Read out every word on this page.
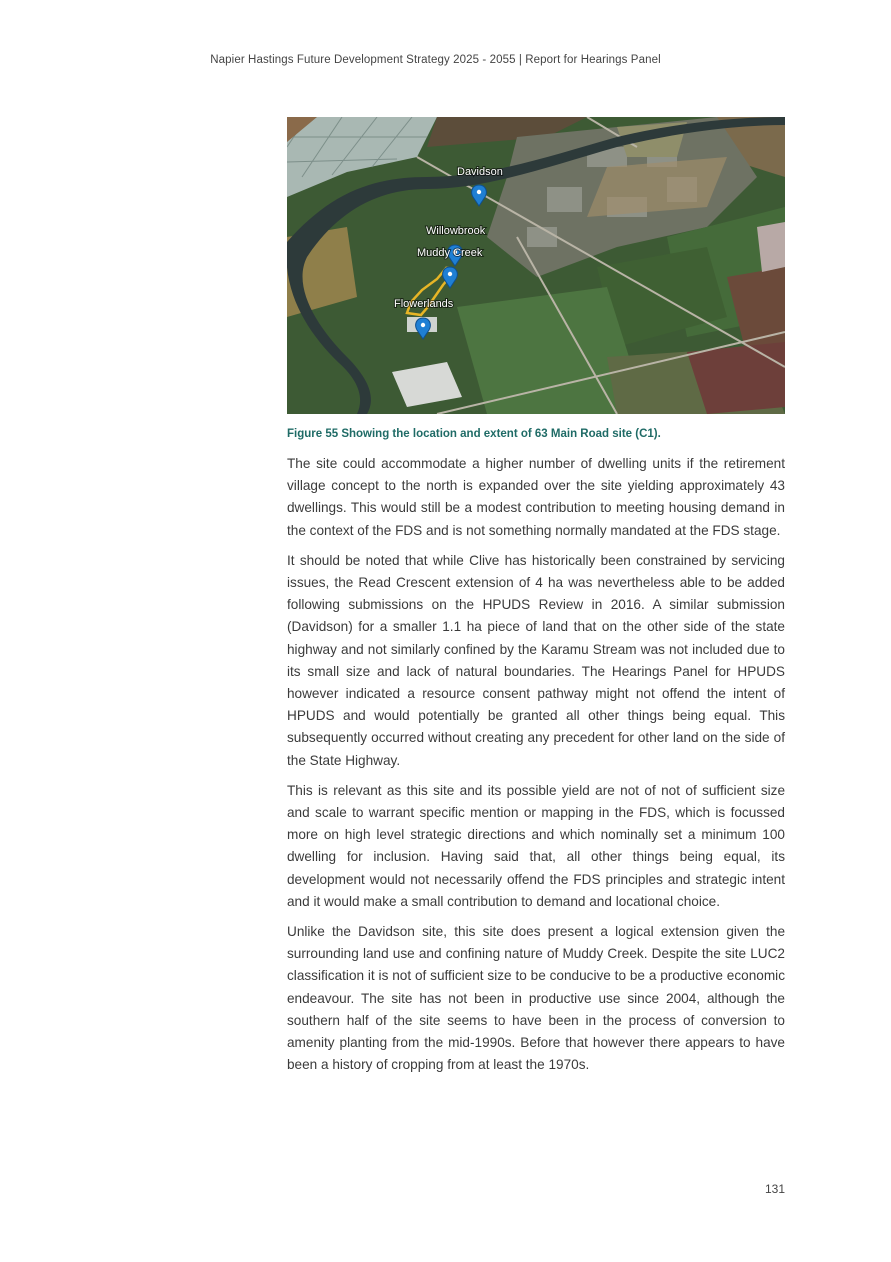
Napier Hastings Future Development Strategy 2025 - 2055 | Report for Hearings Panel
Davidson
Willowbrook
Muddy Creek
Flowerlands
Figure 55 Showing the location and extent of 63 Main Road site (C1).

The site could accommodate a higher number of dwelling units if the retirement village concept to the north is expanded over the site yielding approximately 43 dwellings. This would still be a modest contribution to meeting housing demand in the context of the FDS and is not something normally mandated at the FDS stage.

It should be noted that while Clive has historically been constrained by servicing issues, the Read Crescent extension of 4 ha was nevertheless able to be added following submissions on the HPUDS Review in 2016. A similar submission (Davidson) for a smaller 1.1 ha piece of land that on the other side of the state highway and not similarly confined by the Karamu Stream was not included due to its small size and lack of natural boundaries. The Hearings Panel for HPUDS however indicated a resource consent pathway might not offend the intent of HPUDS and would potentially be granted all other things being equal. This subsequently occurred without creating any precedent for other land on the side of the State Highway.

This is relevant as this site and its possible yield are not of not of sufficient size and scale to warrant specific mention or mapping in the FDS, which is focussed more on high level strategic directions and which nominally set a minimum 100 dwelling for inclusion. Having said that, all other things being equal, its development would not necessarily offend the FDS principles and strategic intent and it would make a small contribution to demand and locational choice.

Unlike the Davidson site, this site does present a logical extension given the surrounding land use and confining nature of Muddy Creek. Despite the site LUC2 classification it is not of sufficient size to be conducive to be a productive economic endeavour. The site has not been in productive use since 2004, although the southern half of the site seems to have been in the process of conversion to amenity planting from the mid-1990s. Before that however there appears to have been a history of cropping from at least the 1970s.

131
